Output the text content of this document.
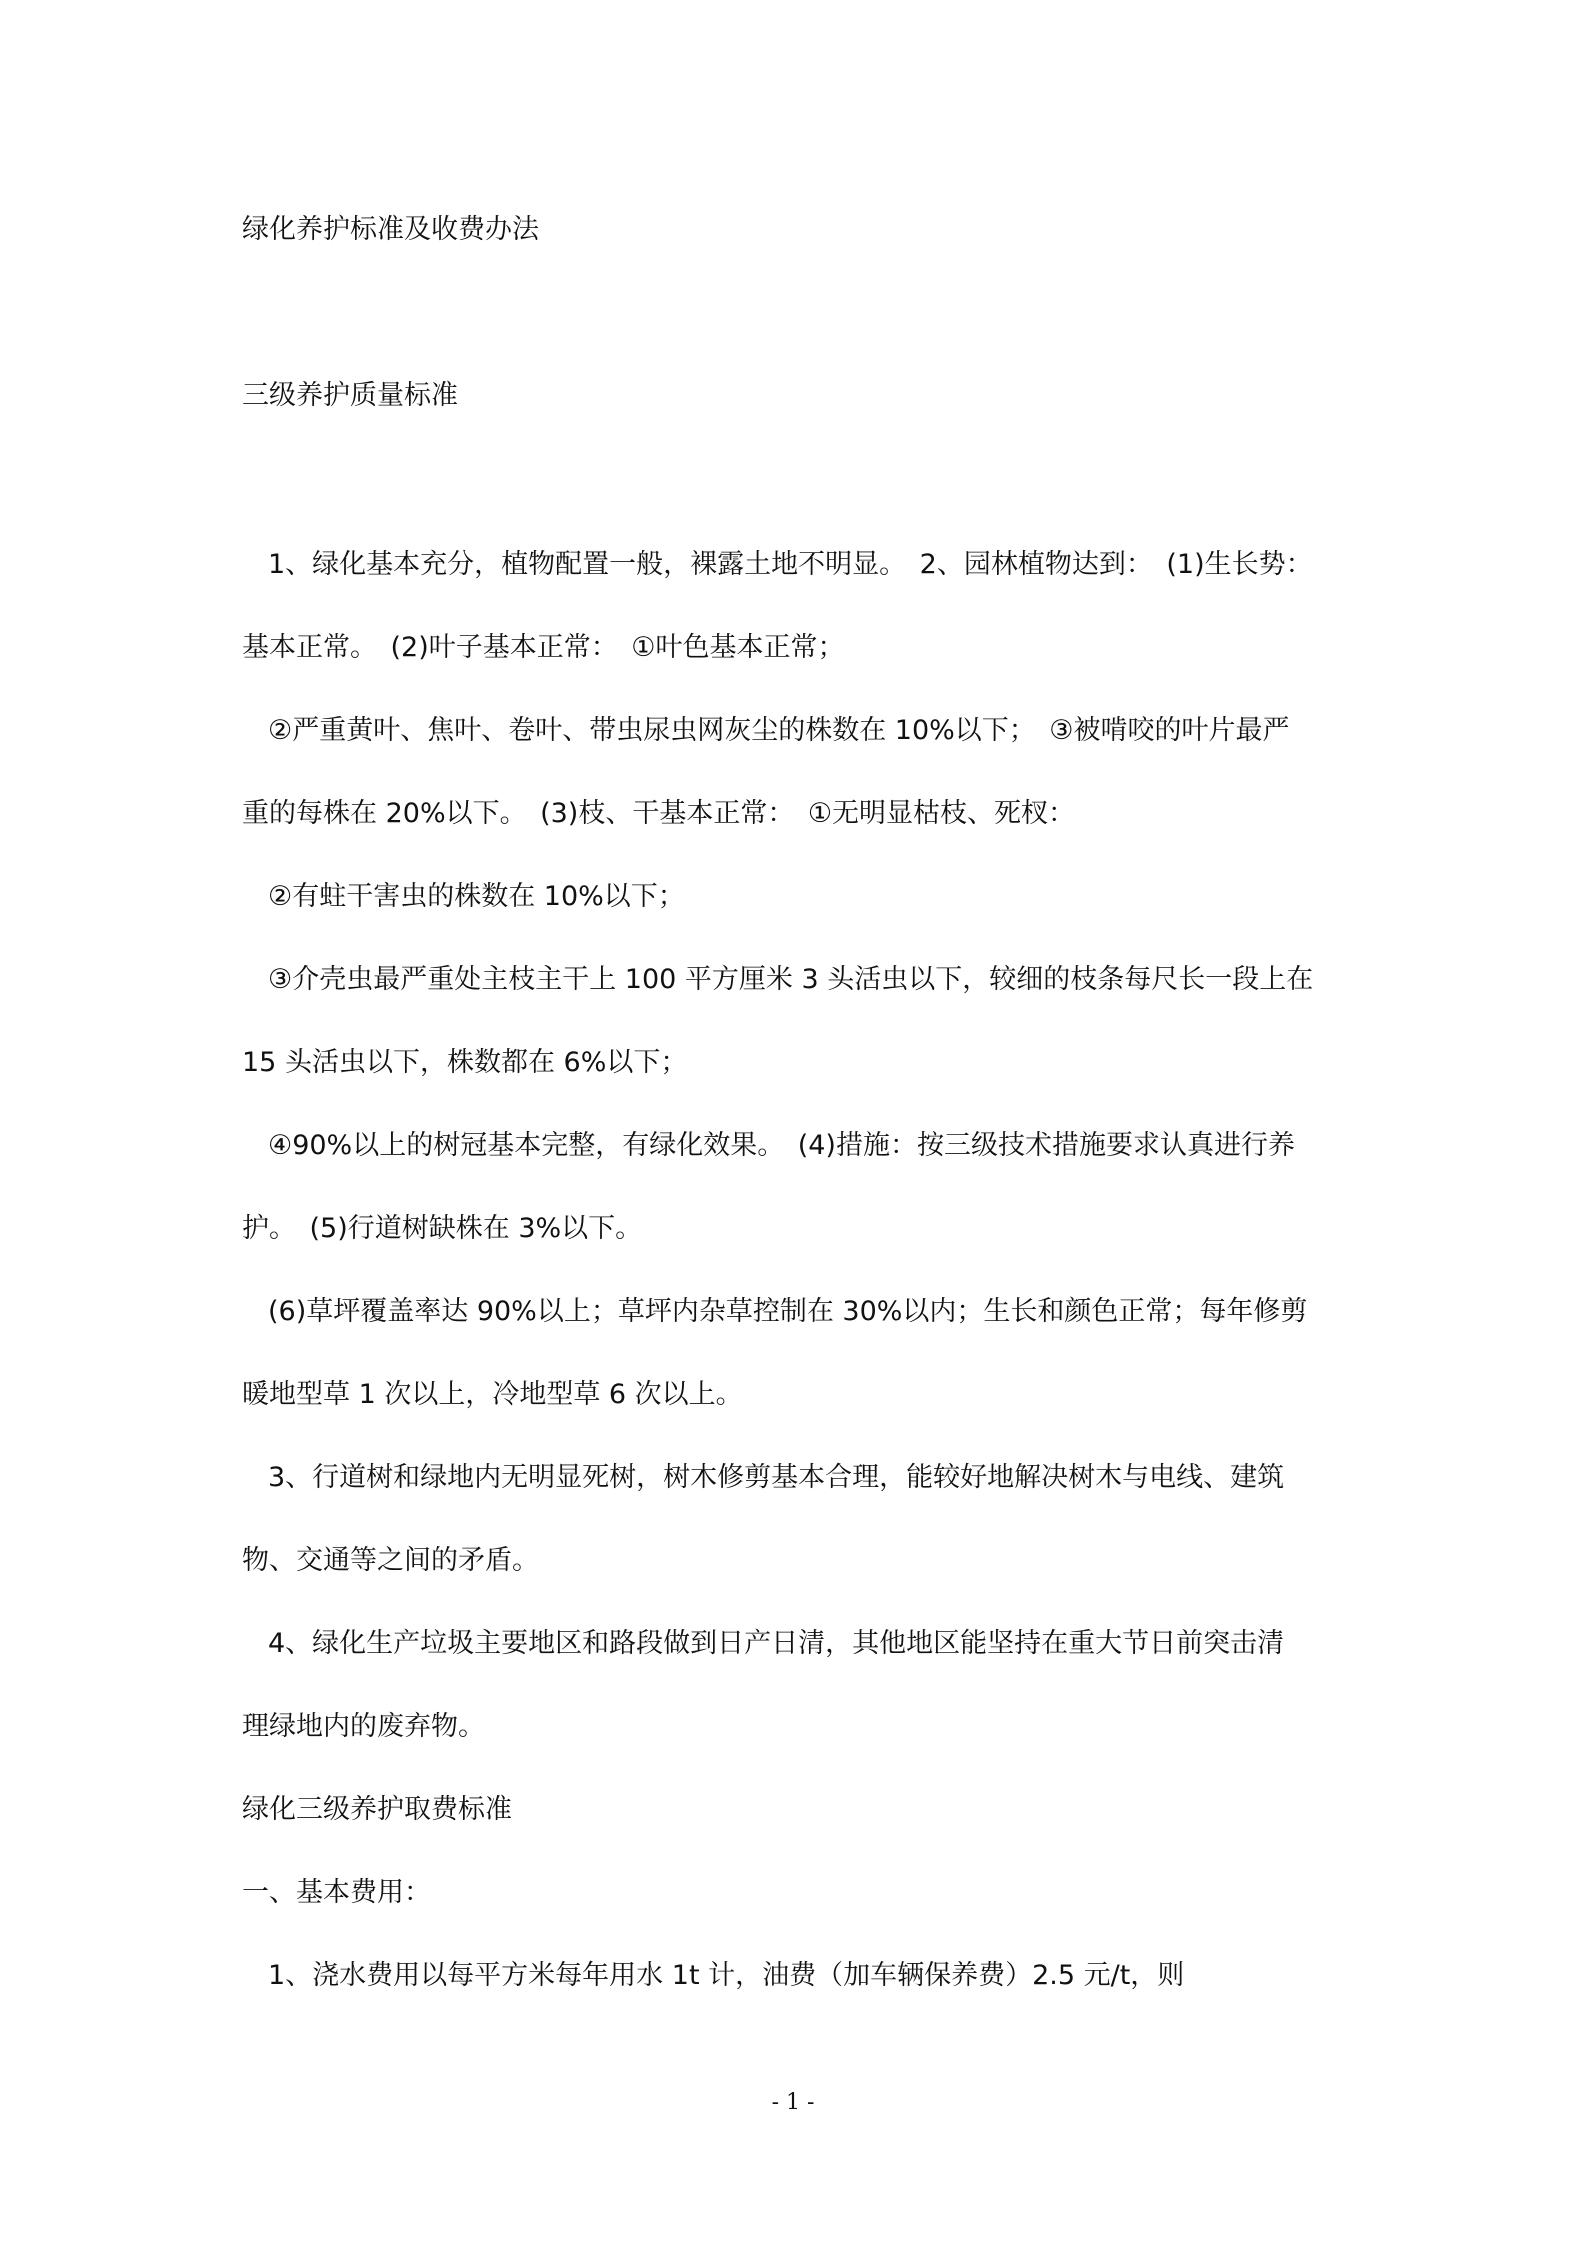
绿化养护标准及收费办法
三级养护质量标准
1、绿化基本充分，植物配置一般，裸露土地不明显。　2、园林植物达到：　(1)生长势：
基本正常。　(2)叶子基本正常：　①叶色基本正常；
②严重黄叶、焦叶、卷叶、带虫尿虫网灰尘的株数在 10%以下；　③被啃咬的叶片最严
重的每株在 20%以下。　(3)枝、干基本正常：　①无明显枯枝、死杈：
②有蛀干害虫的株数在 10%以下；
③介壳虫最严重处主枝主干上 100 平方厘米 3 头活虫以下，较细的枝条每尺长一段上在
15 头活虫以下，株数都在 6%以下；
④90%以上的树冠基本完整，有绿化效果。　(4)措施：按三级技术措施要求认真进行养
护。　(5)行道树缺株在 3%以下。
(6)草坪覆盖率达 90%以上；草坪内杂草控制在 30%以内；生长和颜色正常；每年修剪
暖地型草 1 次以上，冷地型草 6 次以上。
3、行道树和绿地内无明显死树，树木修剪基本合理，能较好地解决树木与电线、建筑
物、交通等之间的矛盾。
4、绿化生产垃圾主要地区和路段做到日产日清，其他地区能坚持在重大节日前突击清
理绿地内的废弃物。
绿化三级养护取费标准
一、基本费用：
1、浇水费用以每平方米每年用水 1t 计，油费（加车辆保养费）2.5 元/t，则
- 1 -
